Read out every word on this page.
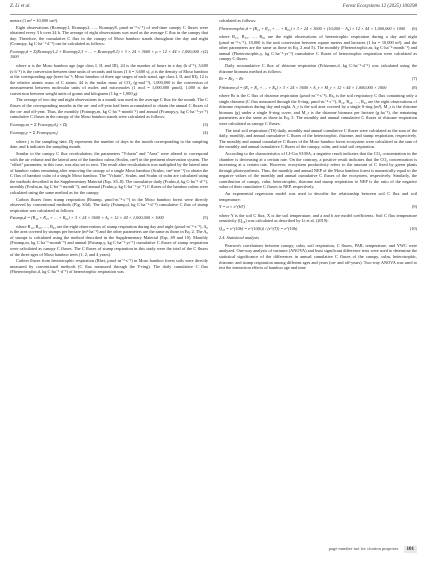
Z. Li et al.	Forest Ecosystems 12 (2025) 100298

meters (1 m² = 10,000 cm²).

Eight observations (Rcanopy1, Rcanopy2, …, Rcanopy8, μmol·m⁻²·s⁻¹) of real-time canopy C fluxes were obtained every 3 h over 24 h. The average of eight observations was used as the average C flux in the canopy that day. Therefore, the cumulative C flux in the canopy of Moso bamboo stands throughout the day and night (Ccanopy, kg C·ha⁻¹·d⁻¹) can be calculated as follows:

Fcanopy,d = Σ(Rcanopy1,2 + Rcanopy2,3 + … + Rcanopy8,1) × 3 × 24 × 3600 × ρ × 12 × 44 × 1,000,000 × 1000
(2)

where α is the Moso bamboo age (age class I, II, and III), 24 is the number of hours in a day (h·d⁻¹), 3,600 (s·h⁻¹) is the conversion between time units of seconds and hours (1 h = 3,600 s), ρ is the density of Moso bamboo at the corresponding age (trees·ha⁻¹; Moso bamboo of three age stages of each stand, age class I, II, and III), 12 is the relative atomic mass of C atoms, 44 is the molar mass of CO₂ (g·mol⁻¹), 1,000,000 is the conversion of measurement between molecular units of moles and micromoles (1 mol = 1,000,000 μmol), 1,000 is the conversion between weight units of grams and kilograms (1 kg = 1,000 g).

The average of two day and night observations in a month was used as the average C flux for the month. The C fluxes of the corresponding months in the on- and off-year had been accumulated to obtain the annual C fluxes of the on- and off-year. Thus, the monthly (Fcanopy,m, kg C·ha⁻¹·month⁻¹) and annual (Fcanopy,y, kg C·ha⁻¹·yr⁻¹) cumulative C fluxes in the canopy of the Moso bamboo stands were calculated as follows:

Fcanopy,m = Σ Fcanopy,d,j × Dj	(3)
Fcanopy,y = Σ Fcanopy,m,j	(4)

where j is the sampling date, Dj represents the number of days in the month corresponding to the sampling date, and k indicates the sampling month.

Similar to the canopy C flux recalculation, the parameters "Vchain" and "Area" were altered to correspond with the air volume and the lateral area of the bamboo culms (Sculm, cm²) in the pertinent observation system. The "offset" parameter, in this case, was also set to zero. The result after recalculation was multiplied by the lateral area of bamboo culms remaining after removing the canopy of a single Moso bamboo (Sculm, cm²·tree⁻¹) to obtain the C flux of bamboo culm of a single Moso bamboo. The "Vchain", Sculm, and Sculm of culm are calculated using the methods described in the Supplementary Material (Eqs. S5–8). The cumulative daily (Fculm,d, kg C·ha⁻¹·d⁻¹), monthly (Fculm,m, kg C·ha⁻¹·month⁻¹), and annual (Fculm,y, kg C·ha⁻¹·yr⁻¹) C fluxes of the bamboo culms were calculated using the same method as for the canopy.

Carbon fluxes from stump respiration (Rstump, μmol·m⁻²·s⁻¹) in the Moso bamboo forest were directly observed by conventional methods (Fig. S3d). The daily (Fstump,d, kg C·ha⁻¹·d⁻¹) cumulative C flux of stump respiration was calculated as follows:

Fstump,d = (R₁₂ + R₂₃ + … + R₈₁) × 3 × 24 × 3600 × A₀ × 12 × 44 × 1,000,000 × 1000	(5)

where R₁₂, R₂₃, …, R₈₁ are the eight observations of stump respiration during day and night (μmol·m⁻²·s⁻¹), A₀ is the area covered by stumps per hectare (m²·ha⁻¹) and the other parameters are the same as those in Eq. 2. The A₀ of stumps is calculated using the method described in the Supplementary Material (Eqs. S9 and 10). Monthly (Fstump,m, kg C·ha⁻¹·month⁻¹) and annual (Fstump,y, kg C·ha⁻¹·yr⁻¹) cumulative C fluxes of stump respiration were calculated as canopy C fluxes. The C fluxes of stump respiration in this study were the total of the C fluxes of the three ages of Moso bamboo trees (1, 2, and 4 years).

Carbon fluxes from heterotrophic respiration (Rhet, μmol·m⁻²·s⁻¹) in Moso bamboo forest soils were directly measured by conventional methods (C flux measured through the Y-ring). The daily cumulative C flux (Fheterotrophic,d, kg C·ha⁻¹·d⁻¹) of heterotrophic respiration was

calculated as follows:

Fheterotrophic,d = (R₁₂ + R₂₃ + … + R₈₁) × 3 × 24 × 3600 × (10,000 − A₀) × 12 × 44 × 1,000,000 × 1000 (6)

where R₁₂, R₂₃, …, R₈₁ are the eight observations of heterotrophic respiration during a day and night (μmol·m⁻²·s⁻¹), 10,000 is the unit conversion between square meters and hectares (1 ha = 10,000 m²), and the other parameters are the same as those in Eq. 2 and 5). The monthly (Fheterotrophic,m, kg C·ha⁻¹·month⁻¹) and annual (Fheterotrophic,y, kg C·ha⁻¹·yr⁻¹) cumulative C fluxes of heterotrophic respiration were calculated as canopy C fluxes.

Daily accumulative C flux of rhizome respiration (Frhizome,d, kg C·ha⁻¹·d⁻¹) was calculated using the rhizome biomass method as follows:

Rr = Rr₀ − Rr	(7)
Frhizome,d = (R₁ + R₂ + … + R₈) × 3 × 24 × 3600 × A_r × M_r × 12 × 44 × 1,000,000 × 1000	(8)

where Rr is the C flux of rhizome respiration (μmol·m⁻²·s⁻¹), Rr₀ is the soil respiratory C flux containing only a single rhizome (C flux measured through the S-ring; μmol·m⁻²·s⁻¹), R₁₂, R₂₃, …, R₈₁ are the eight observations of rhizome respiration during day and night, A_r is the soil area covered by a single S-ring (m²), M_r is the rhizome biomass (g) under a single S-ring cover, and M_r is the rhizome biomass per hectare (g·ha⁻¹), the remaining parameters are the same as those in Eq. 5. The monthly and annual cumulative C fluxes of rhizome respiration were calculated as canopy C fluxes.

The total soil respiration (TS) daily, monthly and annual cumulative C fluxes were calculated as the sum of the daily, monthly, and annual cumulative C fluxes of the heterotrophic, rhizome, and stump respiration, respectively. The monthly and annual cumulative C fluxes of the Moso bamboo forest ecosystem were calculated as the sum of the monthly and annual cumulative C fluxes of the canopy, culm, and total soil respiration.

According to the characteristics of LI-Cor 8100A, a negative result indicates that the CO₂ concentration in the chamber is decreasing at a certain rate. On the contrary, a positive result indicates that the CO₂ concentration is increasing at a certain rate. However, ecosystem productivity refers to the amount of C fixed by green plants through photosynthesis. Thus, the monthly and annual NEP of the Moso bamboo forest is numerically equal to the negative values of the monthly and annual cumulative C fluxes of the ecosystem, respectively. Similarly, the contribution of canopy, culm, heterotrophic, rhizome and stump respiration to NEP is the ratio of the negative value of their cumulative C fluxes to NEP, respectively.

An exponential regression model was used to describe the relationship between soil C flux and soil temperature:

Y = a × e^(bT)	(9)

where Y is the soil C flux, X is the soil temperature, and a and b are model coefficients. Soil C flux temperature sensitivity (Q₁₀) was calculated as described by Li et al. (2019):

Q₁₀ = e^(10b) = e^(10(b)) / (e^(T)) = e^(10b)	(10)
2.4. Statistical analysis

Pearson's correlations between canopy, culm, soil respiration, C fluxes, PAR, temperature, and VWC were analyzed. One-way analysis of variance (ANOVA) and least significant difference tests were used to determine the statistical significance of the differences in annual cumulative C fluxes of the canopy, culm, heterotrophic, rhizome, and stump respiration among different ages and years (on- and off-years). Two-way ANOVA was used to test the interaction effects of bamboo age and time

page number not for citation purposes 101
